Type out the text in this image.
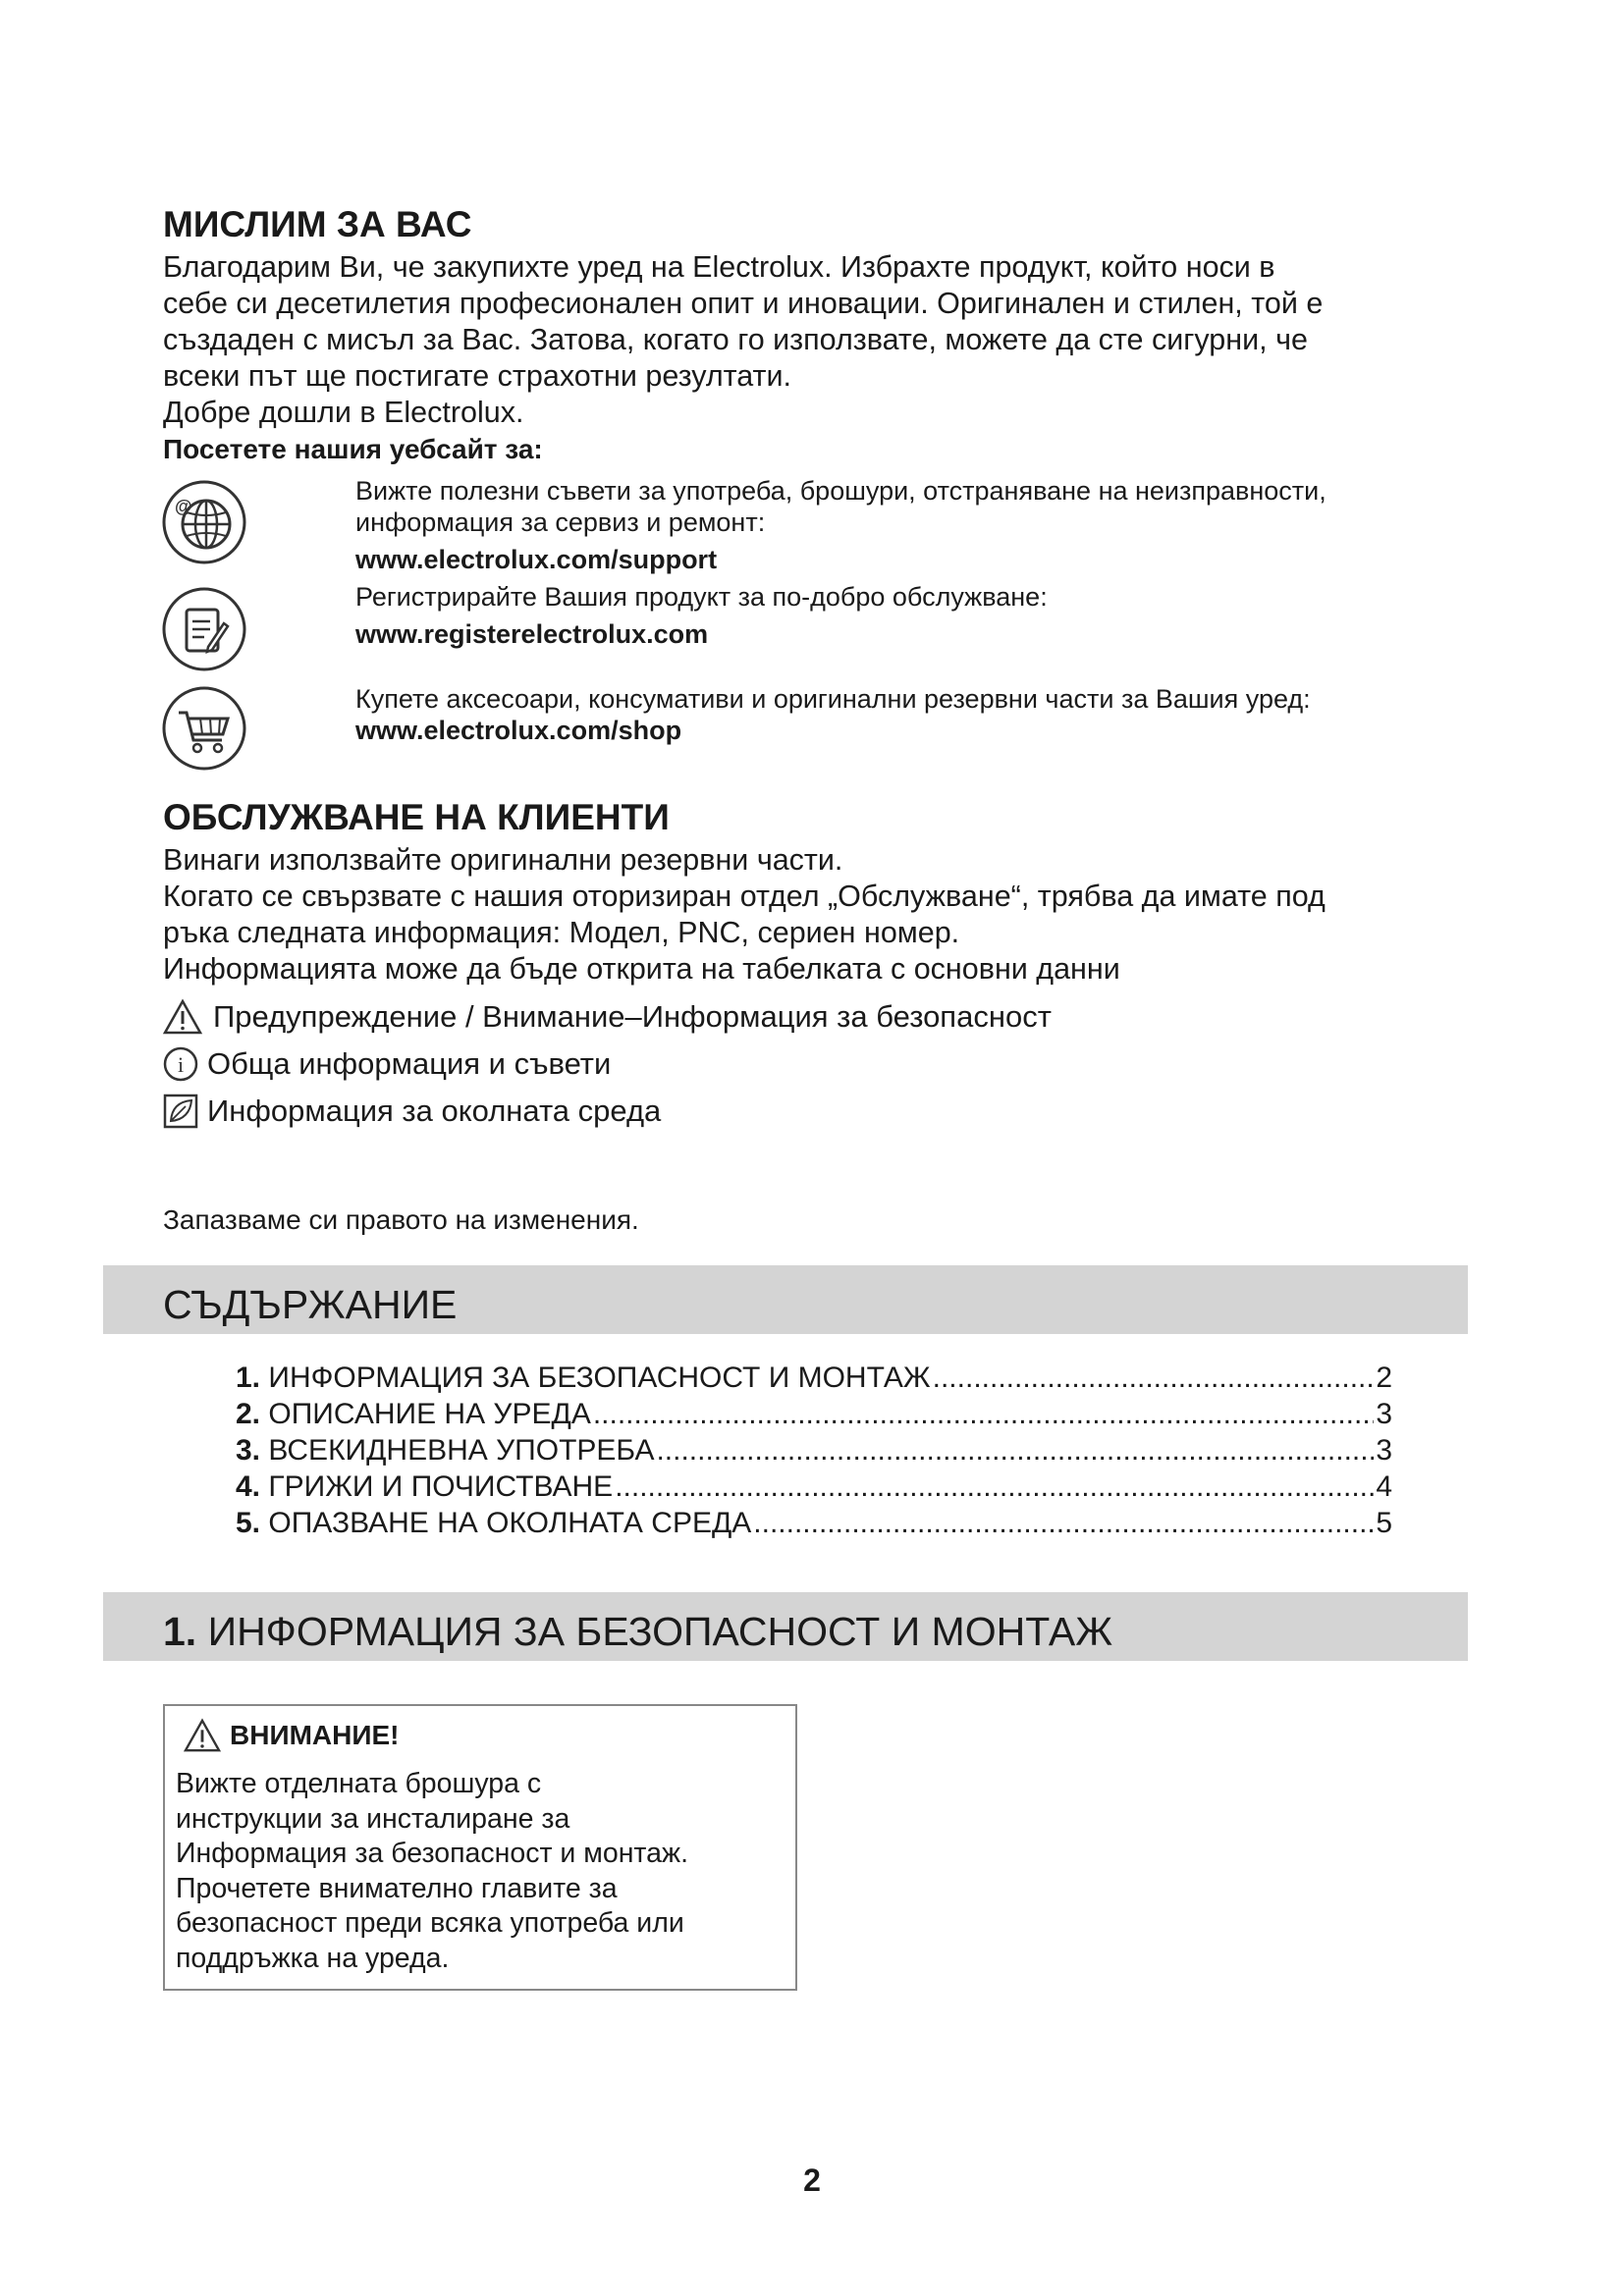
МИСЛИМ ЗА ВАС
Благодарим Ви, че закупихте уред на Electrolux. Избрахте продукт, който носи в
себе си десетилетия професионален опит и иновации. Оригинален и стилен, той е
създаден с мисъл за Вас. Затова, когато го използвате, можете да сте сигурни, че
всеки път ще постигате страхотни резултати.
Добре дошли в Electrolux.
Посетете нашия уебсайт за:
@
Вижте полезни съвети за употреба, брошури, отстраняване на неизправности,
информация за сервиз и ремонт:
www.electrolux.com/support
Регистрирайте Вашия продукт за по-добро обслужване:
www.registerelectrolux.com
Купете аксесоари, консумативи и оригинални резервни части за Вашия уред:
www.electrolux.com/shop
ОБСЛУЖВАНЕ НА КЛИЕНТИ
Винаги използвайте оригинални резервни части.
Когато се свързвате с нашия оторизиран отдел „Обслужване“, трябва да имате под
ръка следната информация: Модел, PNC, сериен номер.
Информацията може да бъде открита на табелката с основни данни
Предупреждение / Внимание–Информация за безопасност
i Обща информация и съвети
Информация за околната среда
Запазваме си правото на изменения.
СЪДЪРЖАНИЕ
1.
ИНФОРМАЦИЯ ЗА БЕЗОПАСНОСТ И МОНТАЖ .....	2
2.
ОПИСАНИЕ НА УРЕДА .....	3
3.
ВСЕКИДНЕВНА УПОТРЕБА .....	3
4.
ГРИЖИ И ПОЧИСТВАНЕ .....	4
5.
ОПАЗВАНЕ НА ОКОЛНАТА СРЕДА .....	5
1. ИНФОРМАЦИЯ ЗА БЕЗОПАСНОСТ И МОНТАЖ
ВНИМАНИЕ!
Вижте отделната брошура с
инструкции за инсталиране за
Информация за безопасност и монтаж.
Прочетете внимателно главите за
безопасност преди всяка употреба или
поддръжка на уреда.
2
